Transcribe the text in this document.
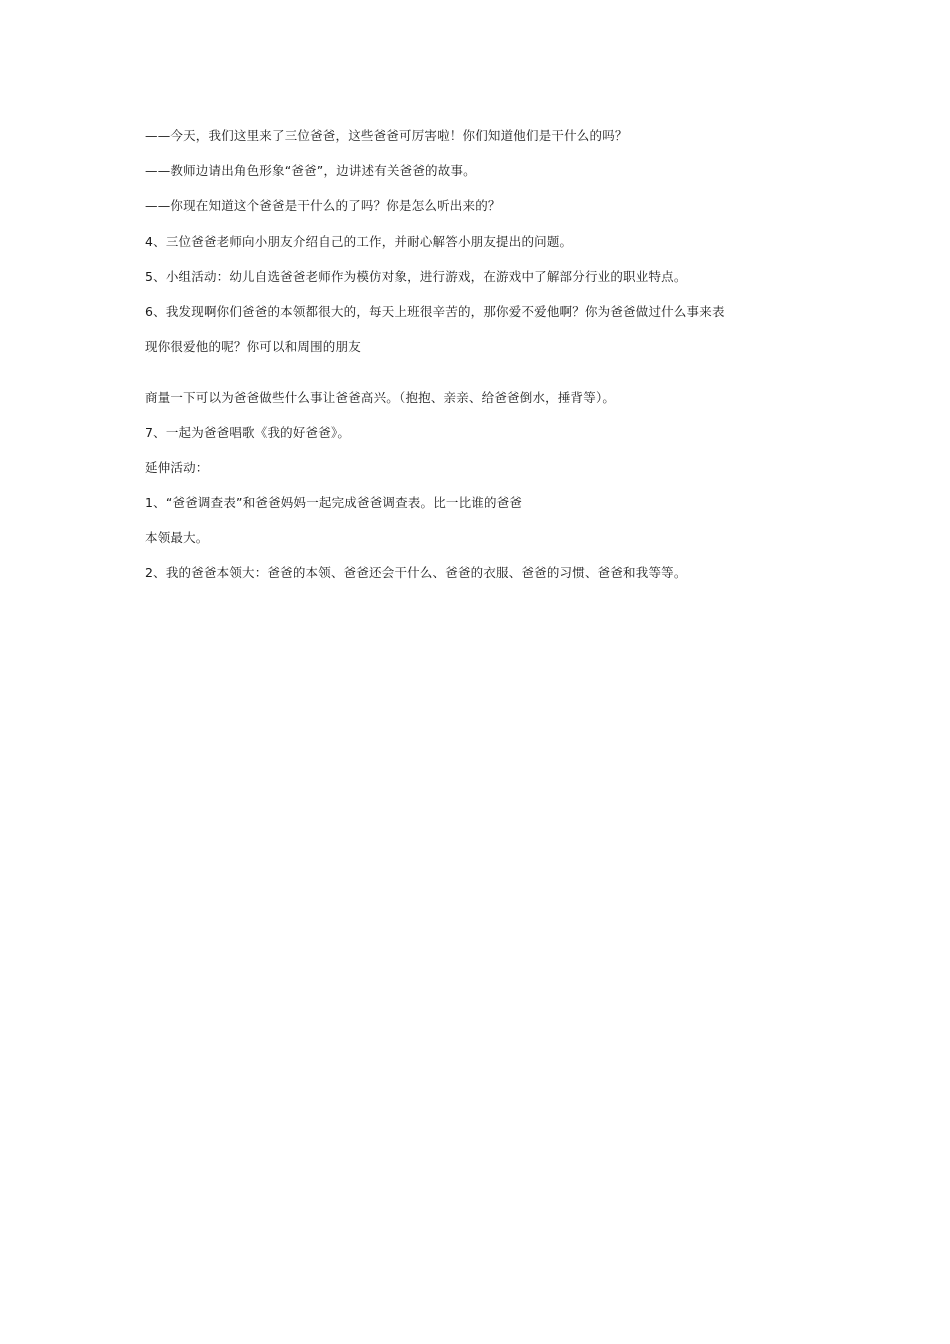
——今天，我们这里来了三位爸爸，这些爸爸可厉害啦！你们知道他们是干什么的吗？

——教师边请出角色形象“爸爸”，边讲述有关爸爸的故事。

——你现在知道这个爸爸是干什么的了吗？你是怎么听出来的？

4、三位爸爸老师向小朋友介绍自己的工作，并耐心解答小朋友提出的问题。

5、小组活动：幼儿自选爸爸老师作为模仿对象，进行游戏，在游戏中了解部分行业的职业特点。

6、我发现啊你们爸爸的本领都很大的，每天上班很辛苦的，那你爱不爱他啊？你为爸爸做过什么事来表

现你很爱他的呢？你可以和周围的朋友

商量一下可以为爸爸做些什么事让爸爸高兴。（抱抱、亲亲、给爸爸倒水，捶背等）。

7、一起为爸爸唱歌《我的好爸爸》。

延伸活动：

1、“爸爸调查表”和爸爸妈妈一起完成爸爸调查表。比一比谁的爸爸

本领最大。

2、我的爸爸本领大：爸爸的本领、爸爸还会干什么、爸爸的衣服、爸爸的习惯、爸爸和我等等。
